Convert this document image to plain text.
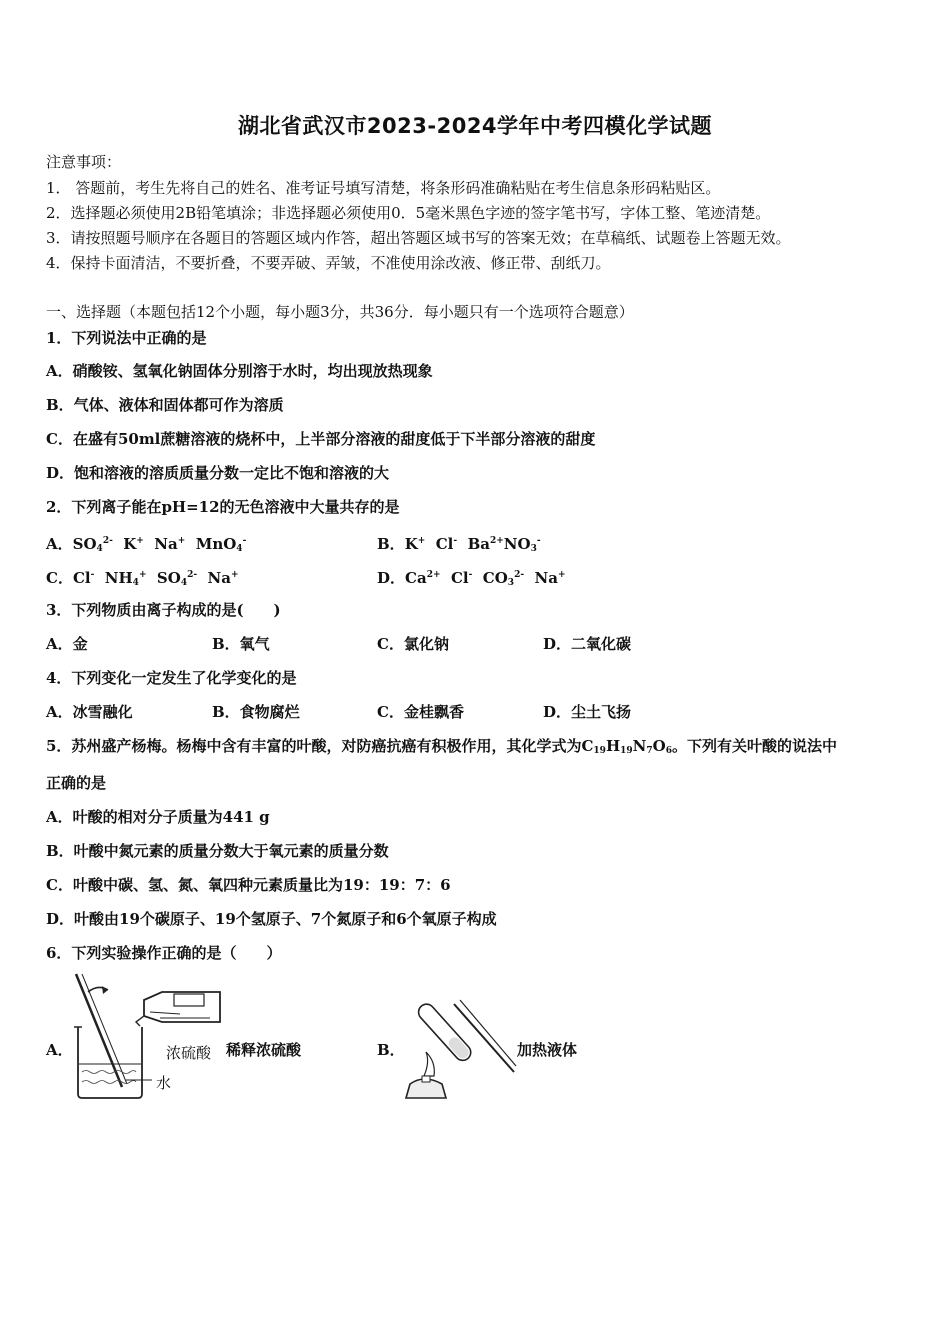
湖北省武汉市2023-2024学年中考四模化学试题
注意事项：
1． 答题前，考生先将自己的姓名、准考证号填写清楚，将条形码准确粘贴在考生信息条形码粘贴区。
2．选择题必须使用2B铅笔填涂；非选择题必须使用0．5毫米黑色字迹的签字笔书写，字体工整、笔迹清楚。
3．请按照题号顺序在各题目的答题区域内作答，超出答题区域书写的答案无效；在草稿纸、试题卷上答题无效。
4．保持卡面清洁，不要折叠，不要弄破、弄皱，不准使用涂改液、修正带、刮纸刀。
一、选择题（本题包括12个小题，每小题3分，共36分．每小题只有一个选项符合题意）
1．下列说法中正确的是
A．硝酸铵、氢氧化钠固体分别溶于水时，均出现放热现象
B．气体、液体和固体都可作为溶质
C．在盛有50ml蔗糖溶液的烧杯中，上半部分溶液的甜度低于下半部分溶液的甜度
D．饱和溶液的溶质质量分数一定比不饱和溶液的大
2．下列离子能在pH=12的无色溶液中大量共存的是
A．$SO_4^{2-}$  K+  Na+  MnO$_4$-	B．K+  Cl-  $Ba^{2+}NO_3^-$
C．Cl-  $NH_4^+$  $SO_4^{2-}$  Na+	D．$Ca^{2+}$  Cl-  $CO_3^{2-}$  Na+
3．下列物质由离子构成的是(　　)
A．金	B．氧气	C．氯化钠	D．二氧化碳
4．下列变化一定发生了化学变化的是
A．冰雪融化	B．食物腐烂	C．金桂飘香	D．尘土飞扬
5．苏州盛产杨梅。杨梅中含有丰富的叶酸，对防癌抗癌有积极作用，其化学式为$C_{19}H_{19}N_7O_6$。下列有关叶酸的说法中
正确的是
A．叶酸的相对分子质量为441 g
B．叶酸中氮元素的质量分数大于氧元素的质量分数
C．叶酸中碳、氢、氮、氧四种元素质量比为19：19：7：6
D．叶酸由19个碳原子、19个氢原子、7个氮原子和6个氧原子构成
6．下列实验操作正确的是（　　）
A．	浓硫酸
水
稀释浓硫酸	B．	加热液体
